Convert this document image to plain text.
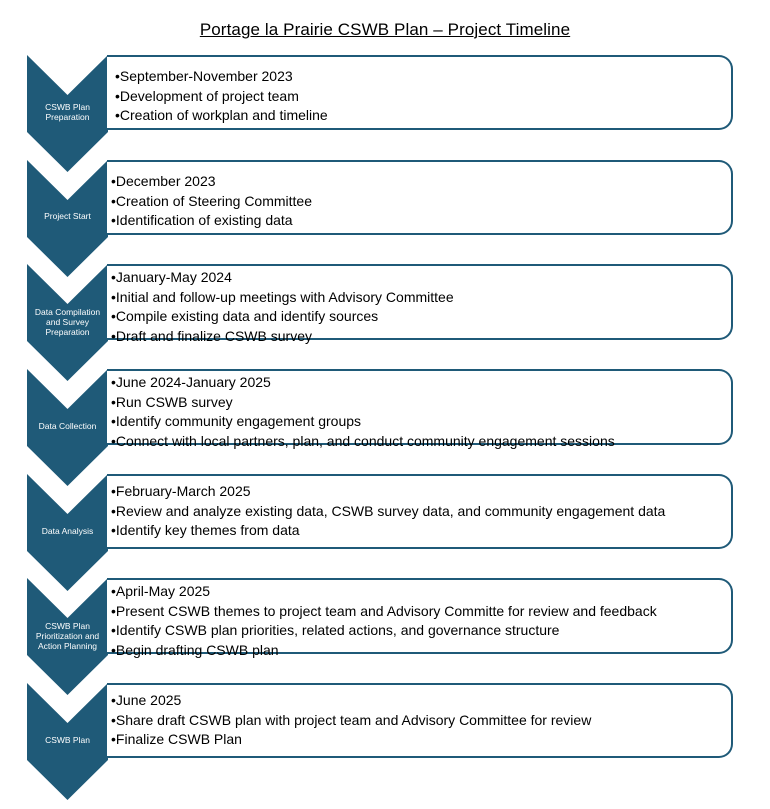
Portage la Prairie CSWB Plan – Project Timeline
CSWB Plan Preparation
•September-November 2023
•Development of project team
•Creation of workplan and timeline
Project Start
•December 2023
•Creation of Steering Committee
•Identification of existing data
Data Compilation and Survey Preparation
•January-May 2024
•Initial and follow-up meetings with Advisory Committee
•Compile existing data and identify sources
•Draft and finalize CSWB survey
Data Collection
•June 2024-January 2025
•Run CSWB survey
•Identify community engagement groups
•Connect with local partners, plan, and conduct community engagement sessions
Data Analysis
•February-March 2025
•Review and analyze existing data, CSWB survey data, and community engagement data
•Identify key themes from data
CSWB Plan Prioritization and Action Planning
•April-May 2025
•Present CSWB themes to project team and Advisory Committe for review and feedback
•Identify CSWB plan priorities, related actions, and governance structure
•Begin drafting CSWB plan
CSWB Plan
•June 2025
•Share draft CSWB plan with project team and Advisory Committee for review
•Finalize CSWB Plan
